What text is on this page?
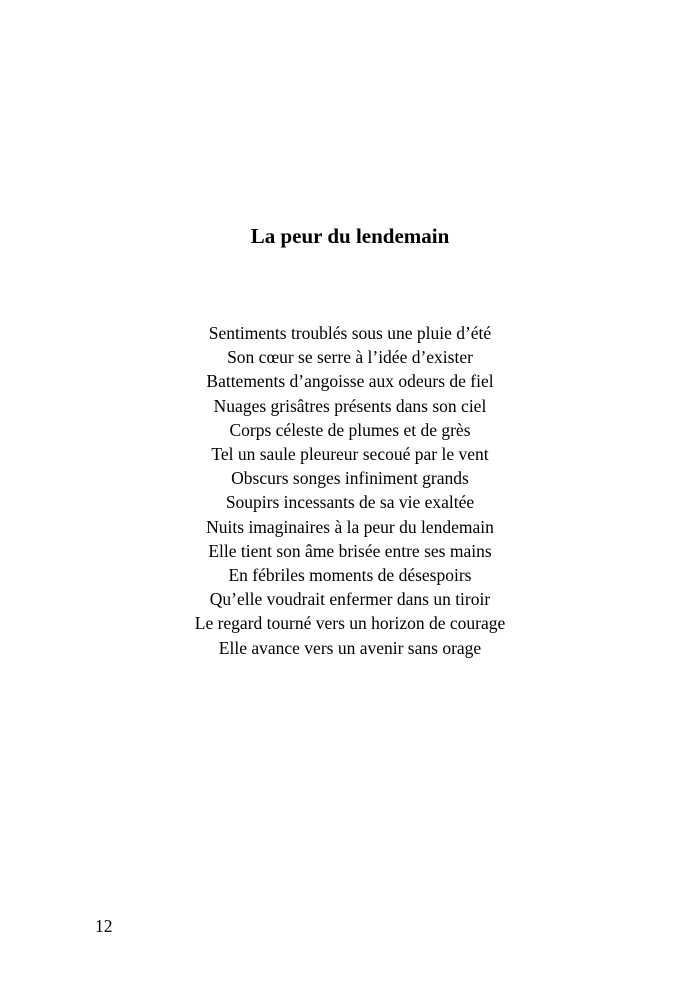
La peur du lendemain
Sentiments troublés sous une pluie d’été
Son cœur se serre à l’idée d’exister
Battements d’angoisse aux odeurs de fiel
Nuages grisâtres présents dans son ciel
Corps céleste de plumes et de grès
Tel un saule pleureur secoué par le vent
Obscurs songes infiniment grands
Soupirs incessants de sa vie exaltée
Nuits imaginaires à la peur du lendemain
Elle tient son âme brisée entre ses mains
En fébriles moments de désespoirs
Qu’elle voudrait enfermer dans un tiroir
Le regard tourné vers un horizon de courage
Elle avance vers un avenir sans orage
12
